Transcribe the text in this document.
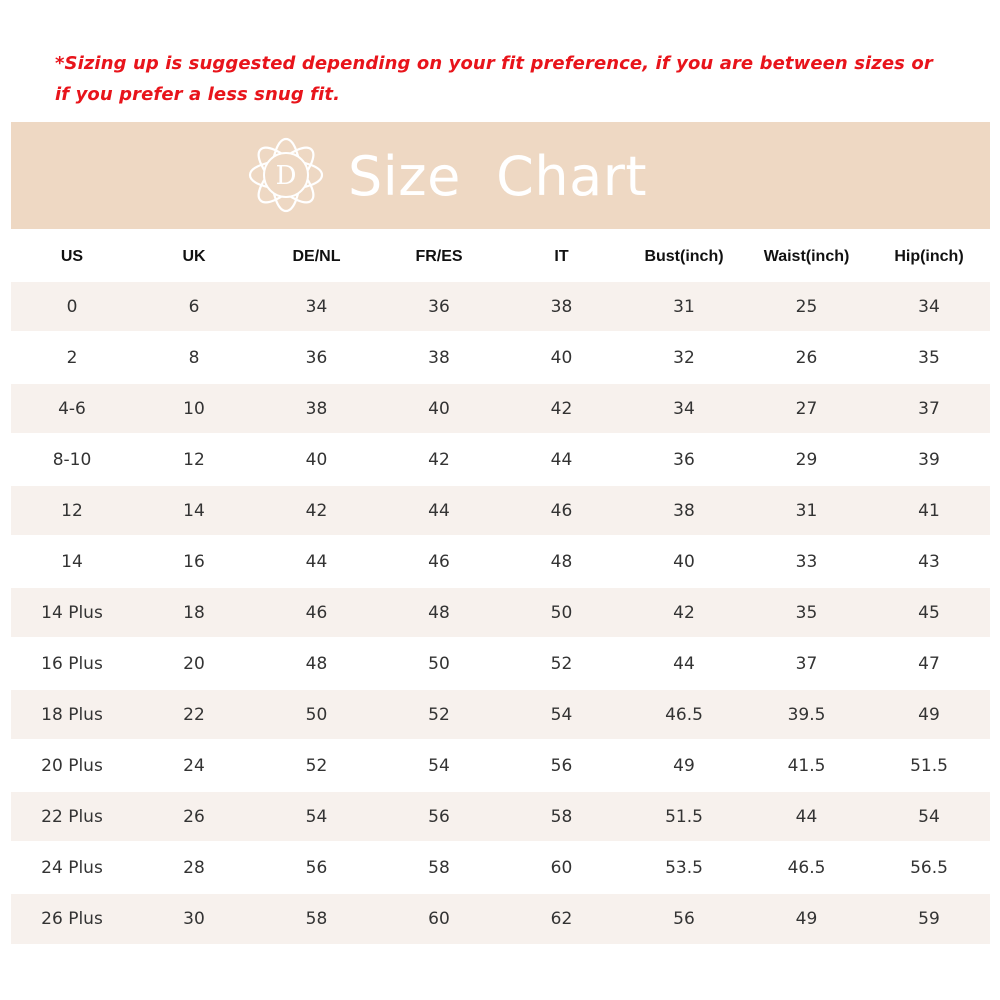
*Sizing up is suggested depending on your fit preference, if you are between sizes or
if you prefer a less snug fit.
D Size  Chart
US	UK	DE/NL	FR/ES	IT	Bust(inch)	Waist(inch)	Hip(inch)
0	6	34	36	38	31	25	34
2	8	36	38	40	32	26	35
4-6	10	38	40	42	34	27	37
8-10	12	40	42	44	36	29	39
12	14	42	44	46	38	31	41
14	16	44	46	48	40	33	43
14 Plus	18	46	48	50	42	35	45
16 Plus	20	48	50	52	44	37	47
18 Plus	22	50	52	54	46.5	39.5	49
20 Plus	24	52	54	56	49	41.5	51.5
22 Plus	26	54	56	58	51.5	44	54
24 Plus	28	56	58	60	53.5	46.5	56.5
26 Plus	30	58	60	62	56	49	59
